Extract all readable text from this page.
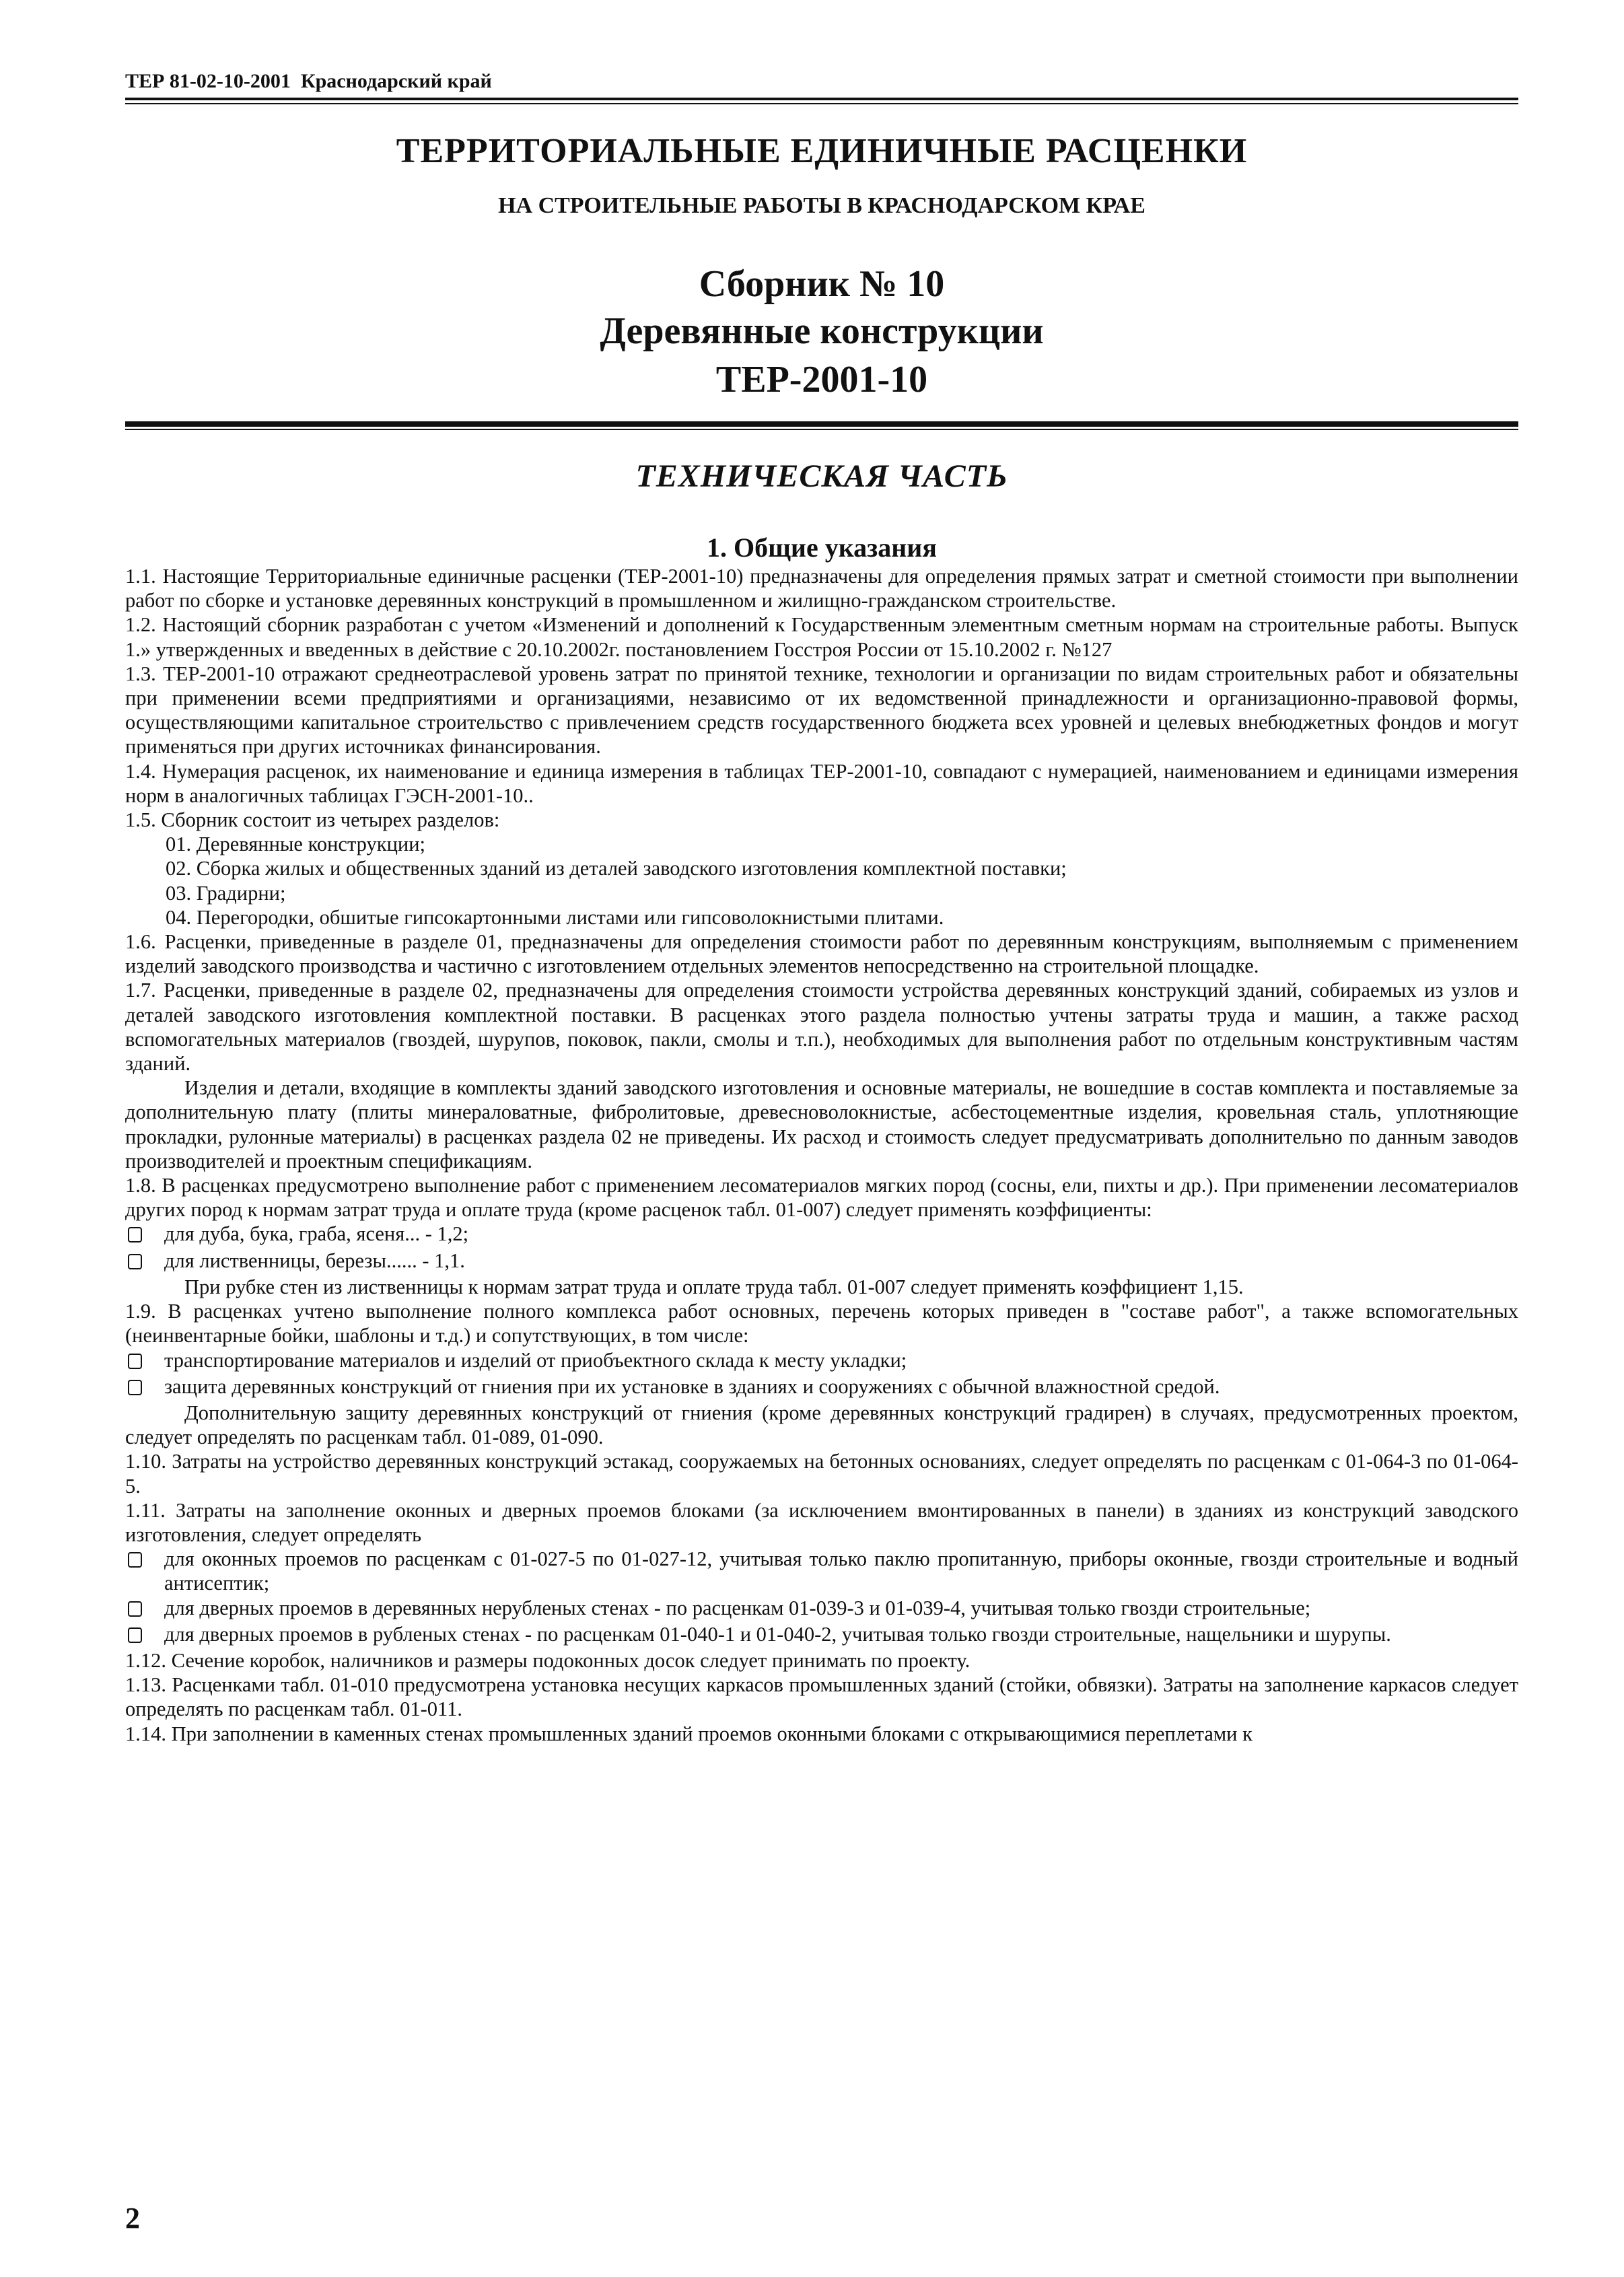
ТЕР 81-02-10-2001 Краснодарский край
ТЕРРИТОРИАЛЬНЫЕ ЕДИНИЧНЫЕ РАСЦЕНКИ
НА СТРОИТЕЛЬНЫЕ РАБОТЫ В КРАСНОДАРСКОМ КРАЕ
Сборник № 10
Деревянные конструкции
ТЕР-2001-10
ТЕХНИЧЕСКАЯ ЧАСТЬ
1. Общие указания

1.1. Настоящие Территориальные единичные расценки (ТЕР-2001-10) предназначены для определения прямых затрат и сметной стоимости при выполнении работ по сборке и установке деревянных конструкций в промышленном и жилищно-гражданском строительстве.

1.2. Настоящий сборник разработан с учетом «Изменений и дополнений к Государственным элементным сметным нормам на строительные работы. Выпуск 1.» утвержденных и введенных в действие с 20.10.2002г. постановлением Госстроя России от 15.10.2002 г. №127

1.3. ТЕР-2001-10 отражают среднеотраслевой уровень затрат по принятой технике, технологии и организации по видам строительных работ и обязательны при применении всеми предприятиями и организациями, независимо от их ведомственной принадлежности и организационно-правовой формы, осуществляющими капитальное строительство с привлечением средств государственного бюджета всех уровней и целевых внебюджетных фондов и могут применяться при других источниках финансирования.

1.4. Нумерация расценок, их наименование и единица измерения в таблицах ТЕР-2001-10, совпадают с нумерацией, наименованием и единицами измерения норм в аналогичных таблицах ГЭСН-2001-10..

1.5. Сборник состоит из четырех разделов:

01. Деревянные конструкции;

02. Сборка жилых и общественных зданий из деталей заводского изготовления комплектной поставки;

03. Градирни;

04. Перегородки, обшитые гипсокартонными листами или гипсоволокнистыми плитами.

1.6. Расценки, приведенные в разделе 01, предназначены для определения стоимости работ по деревянным конструкциям, выполняемым с применением изделий заводского производства и частично с изготовлением отдельных элементов непосредственно на строительной площадке.

1.7. Расценки, приведенные в разделе 02, предназначены для определения стоимости устройства деревянных конструкций зданий, собираемых из узлов и деталей заводского изготовления комплектной поставки. В расценках этого раздела полностью учтены затраты труда и машин, а также расход вспомогательных материалов (гвоздей, шурупов, поковок, пакли, смолы и т.п.), необходимых для выполнения работ по отдельным конструктивным частям зданий.

Изделия и детали, входящие в комплекты зданий заводского изготовления и основные материалы, не вошедшие в состав комплекта и поставляемые за дополнительную плату (плиты минераловатные, фибролитовые, древесноволокнистые, асбестоцементные изделия, кровельная сталь, уплотняющие прокладки, рулонные материалы) в расценках раздела 02 не приведены. Их расход и стоимость следует предусматривать дополнительно по данным заводов производителей и проектным спецификациям.

1.8. В расценках предусмотрено выполнение работ с применением лесоматериалов мягких пород (сосны, ели, пихты и др.). При применении лесоматериалов других пород к нормам затрат труда и оплате труда (кроме расценок табл. 01-007) следует применять коэффициенты:

для дуба, бука, граба, ясеня... - 1,2;
для лиственницы, березы...... - 1,1.

При рубке стен из лиственницы к нормам затрат труда и оплате труда табл. 01-007 следует применять коэффициент 1,15.

1.9. В расценках учтено выполнение полного комплекса работ основных, перечень которых приведен в "составе работ", а также вспомогательных (неинвентарные бойки, шаблоны и т.д.) и сопутствующих, в том числе:

транспортирование материалов и изделий от приобъектного склада к месту укладки;
защита деревянных конструкций от гниения при их установке в зданиях и сооружениях с обычной влажностной средой.

Дополнительную защиту деревянных конструкций от гниения (кроме деревянных конструкций градирен) в случаях, предусмотренных проектом, следует определять по расценкам табл. 01-089, 01-090.

1.10. Затраты на устройство деревянных конструкций эстакад, сооружаемых на бетонных основаниях, следует определять по расценкам с 01-064-3 по 01-064-5.

1.11. Затраты на заполнение оконных и дверных проемов блоками (за исключением вмонтированных в панели) в зданиях из конструкций заводского изготовления, следует определять

для оконных проемов по расценкам с 01-027-5 по 01-027-12, учитывая только паклю пропитанную, приборы оконные, гвозди строительные и водный антисептик;
для дверных проемов в деревянных нерубленых стенах - по расценкам 01-039-3 и 01-039-4, учитывая только гвозди строительные;
для дверных проемов в рубленых стенах - по расценкам 01-040-1 и 01-040-2, учитывая только гвозди строительные, нащельники и шурупы.

1.12. Сечение коробок, наличников и размеры подоконных досок следует принимать по проекту.

1.13. Расценками табл. 01-010 предусмотрена установка несущих каркасов промышленных зданий (стойки, обвязки). Затраты на заполнение каркасов следует определять по расценкам табл. 01-011.

1.14. При заполнении в каменных стенах промышленных зданий проемов оконными блоками с открывающимися переплетами к

2
